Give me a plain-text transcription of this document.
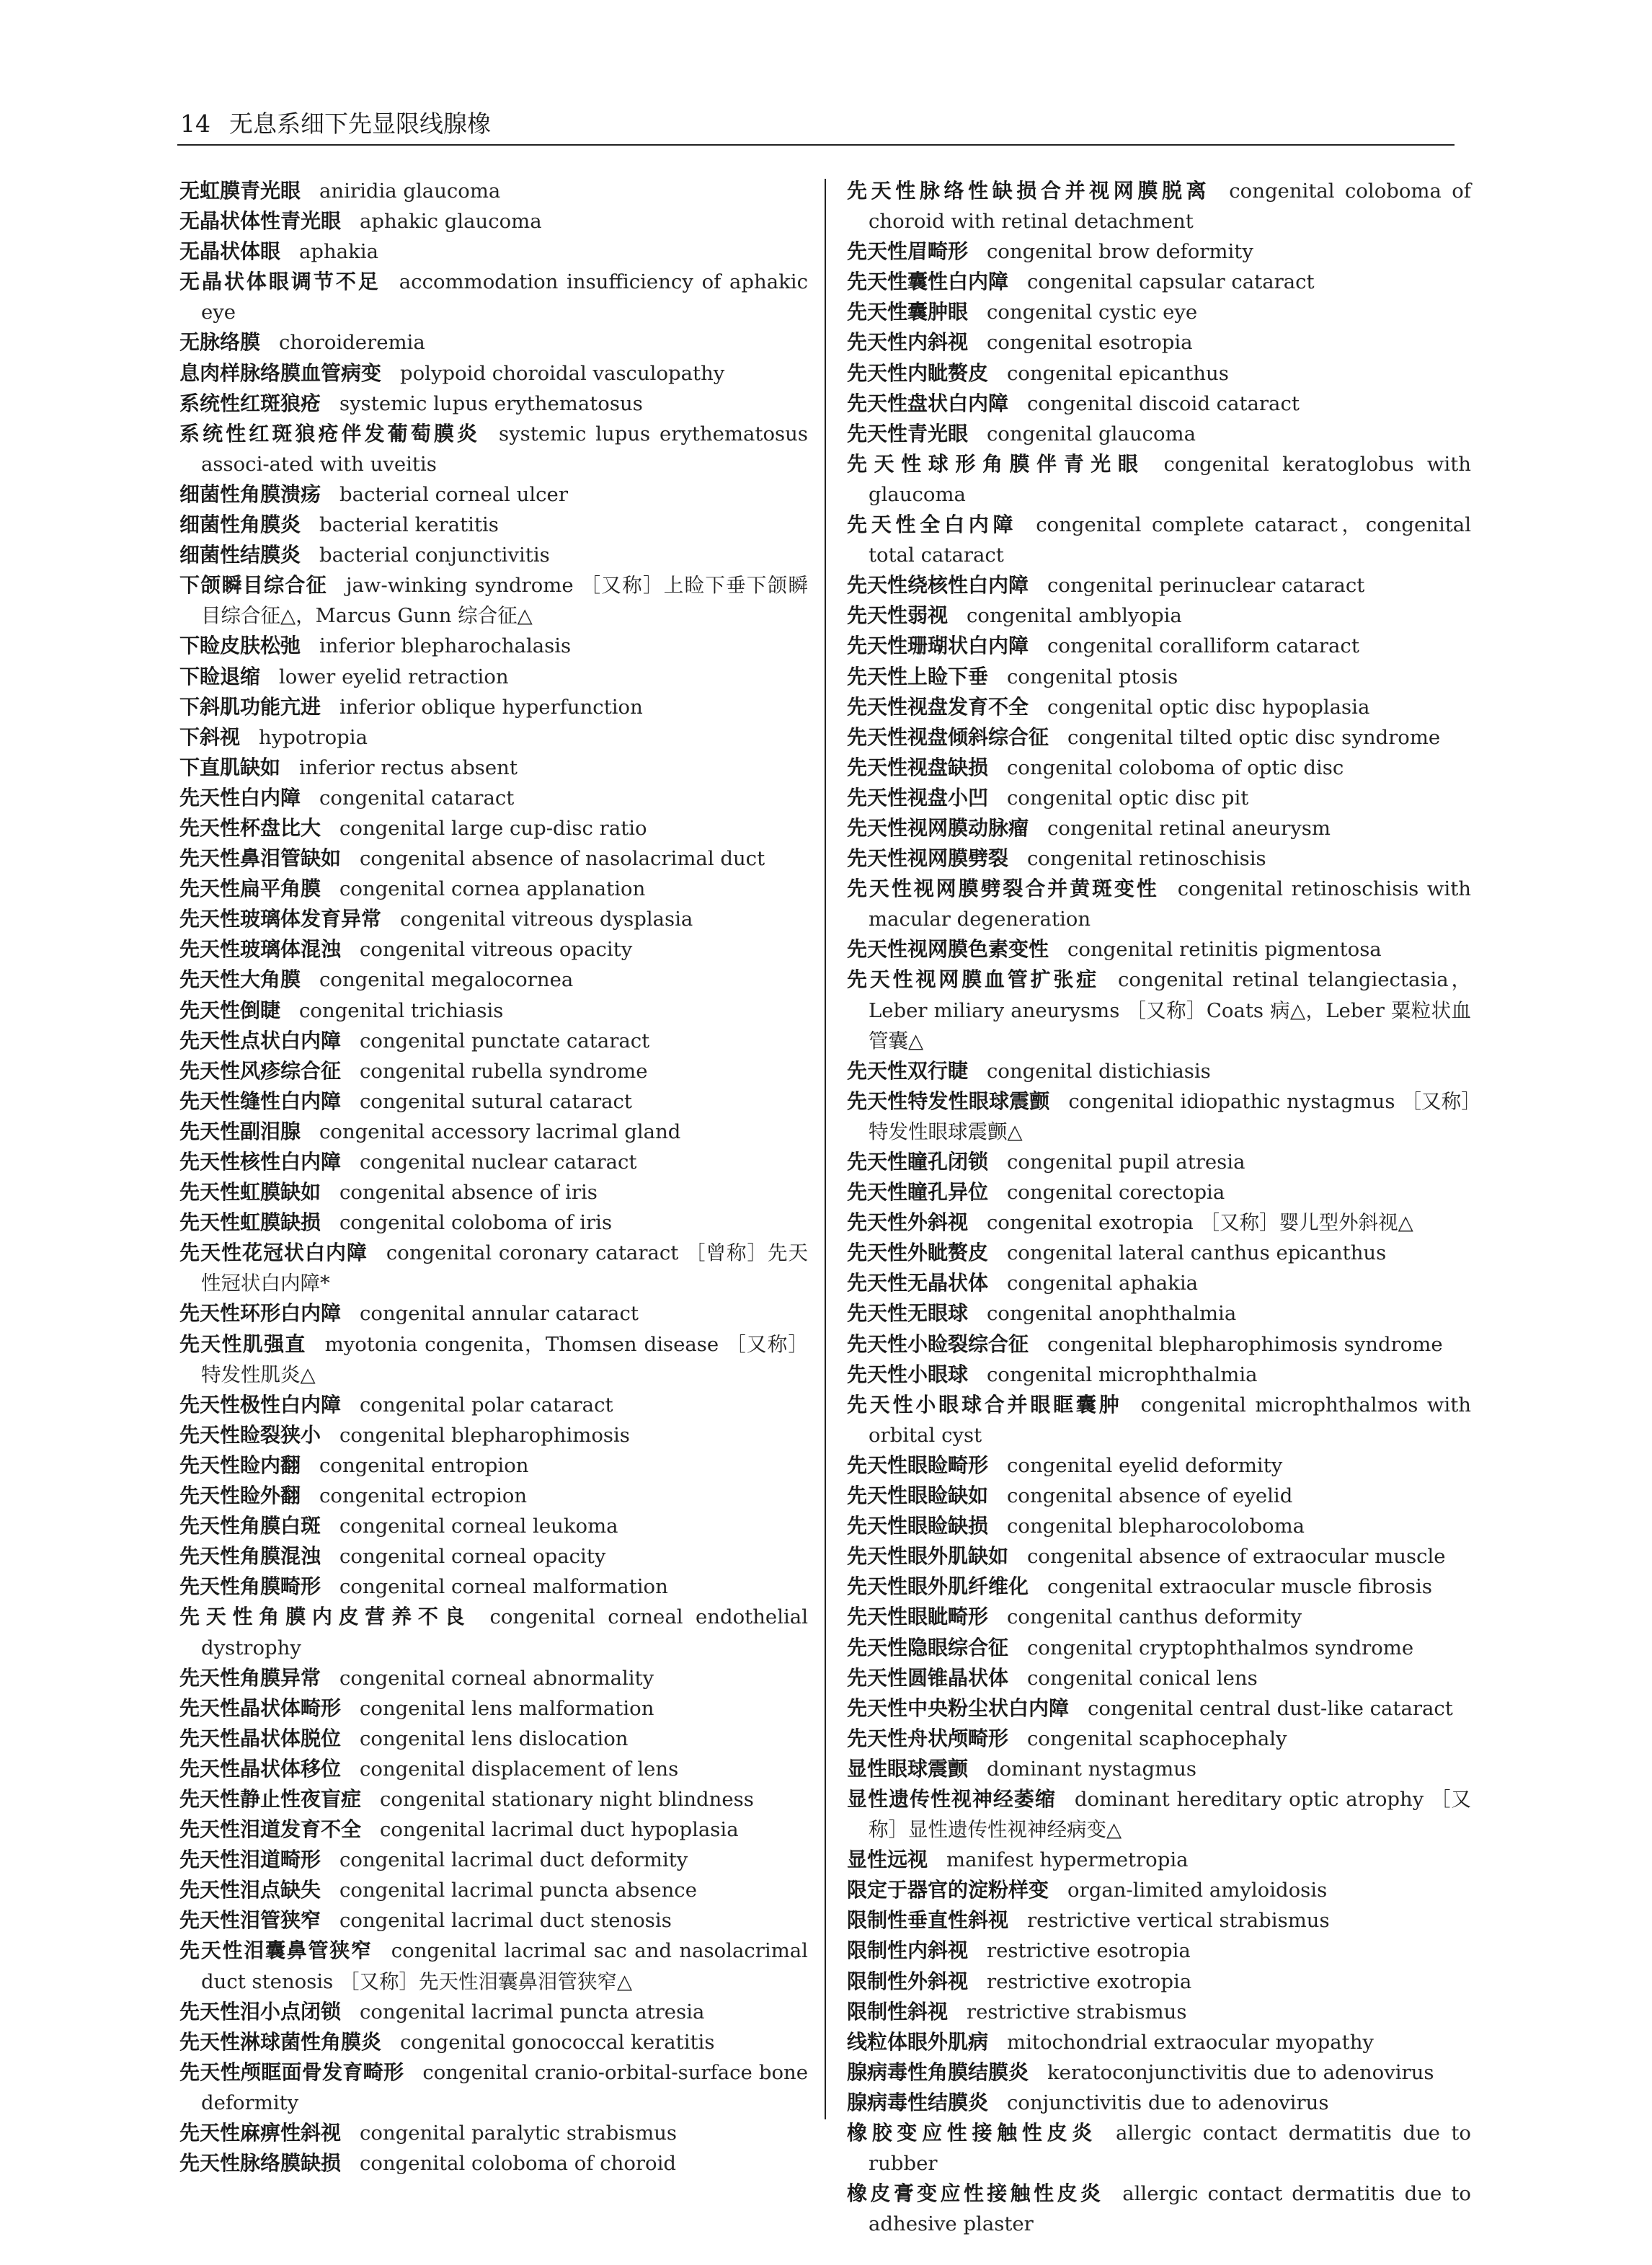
14 无息系细下先显限线腺橡
无虹膜青光眼 aniridia glaucoma
无晶状体性青光眼 aphakic glaucoma
无晶状体眼 aphakia
无晶状体眼调节不足 accommodation insufficiency of aphakic eye
无脉络膜 choroideremia
息肉样脉络膜血管病变 polypoid choroidal vasculopathy
系统性红斑狼疮 systemic lupus erythematosus
系统性红斑狼疮伴发葡萄膜炎 systemic lupus erythematosus associ-ated with uveitis
细菌性角膜溃疡 bacterial corneal ulcer
细菌性角膜炎 bacterial keratitis
细菌性结膜炎 bacterial conjunctivitis
下颌瞬目综合征 jaw-winking syndrome ［又称］上睑下垂下颌瞬目综合征△，Marcus Gunn 综合征△
下睑皮肤松弛 inferior blepharochalasis
下睑退缩 lower eyelid retraction
下斜肌功能亢进 inferior oblique hyperfunction
下斜视 hypotropia
下直肌缺如 inferior rectus absent
先天性白内障 congenital cataract
先天性杯盘比大 congenital large cup-disc ratio
先天性鼻泪管缺如 congenital absence of nasolacrimal duct
先天性扁平角膜 congenital cornea applanation
先天性玻璃体发育异常 congenital vitreous dysplasia
先天性玻璃体混浊 congenital vitreous opacity
先天性大角膜 congenital megalocornea
先天性倒睫 congenital trichiasis
先天性点状白内障 congenital punctate cataract
先天性风疹综合征 congenital rubella syndrome
先天性缝性白内障 congenital sutural cataract
先天性副泪腺 congenital accessory lacrimal gland
先天性核性白内障 congenital nuclear cataract
先天性虹膜缺如 congenital absence of iris
先天性虹膜缺损 congenital coloboma of iris
先天性花冠状白内障 congenital coronary cataract ［曾称］先天性冠状白内障*
先天性环形白内障 congenital annular cataract
先天性肌强直 myotonia congenita，Thomsen disease ［又称］特发性肌炎△
先天性极性白内障 congenital polar cataract
先天性睑裂狭小 congenital blepharophimosis
先天性睑内翻 congenital entropion
先天性睑外翻 congenital ectropion
先天性角膜白斑 congenital corneal leukoma
先天性角膜混浊 congenital corneal opacity
先天性角膜畸形 congenital corneal malformation
先天性角膜内皮营养不良 congenital corneal endothelial dystrophy
先天性角膜异常 congenital corneal abnormality
先天性晶状体畸形 congenital lens malformation
先天性晶状体脱位 congenital lens dislocation
先天性晶状体移位 congenital displacement of lens
先天性静止性夜盲症 congenital stationary night blindness
先天性泪道发育不全 congenital lacrimal duct hypoplasia
先天性泪道畸形 congenital lacrimal duct deformity
先天性泪点缺失 congenital lacrimal puncta absence
先天性泪管狭窄 congenital lacrimal duct stenosis
先天性泪囊鼻管狭窄 congenital lacrimal sac and nasolacrimal duct stenosis ［又称］先天性泪囊鼻泪管狭窄△
先天性泪小点闭锁 congenital lacrimal puncta atresia
先天性淋球菌性角膜炎 congenital gonococcal keratitis
先天性颅眶面骨发育畸形 congenital cranio-orbital-surface bone deformity
先天性麻痹性斜视 congenital paralytic strabismus
先天性脉络膜缺损 congenital coloboma of choroid
先天性脉络性缺损合并视网膜脱离 congenital coloboma of choroid with retinal detachment
先天性眉畸形 congenital brow deformity
先天性囊性白内障 congenital capsular cataract
先天性囊肿眼 congenital cystic eye
先天性内斜视 congenital esotropia
先天性内眦赘皮 congenital epicanthus
先天性盘状白内障 congenital discoid cataract
先天性青光眼 congenital glaucoma
先天性球形角膜伴青光眼 congenital keratoglobus with glaucoma
先天性全白内障 congenital complete cataract，congenital total cataract
先天性绕核性白内障 congenital perinuclear cataract
先天性弱视 congenital amblyopia
先天性珊瑚状白内障 congenital coralliform cataract
先天性上睑下垂 congenital ptosis
先天性视盘发育不全 congenital optic disc hypoplasia
先天性视盘倾斜综合征 congenital tilted optic disc syndrome
先天性视盘缺损 congenital coloboma of optic disc
先天性视盘小凹 congenital optic disc pit
先天性视网膜动脉瘤 congenital retinal aneurysm
先天性视网膜劈裂 congenital retinoschisis
先天性视网膜劈裂合并黄斑变性 congenital retinoschisis with macular degeneration
先天性视网膜色素变性 congenital retinitis pigmentosa
先天性视网膜血管扩张症 congenital retinal telangiectasia，Leber miliary aneurysms ［又称］Coats 病△，Leber 粟粒状血管囊△
先天性双行睫 congenital distichiasis
先天性特发性眼球震颤 congenital idiopathic nystagmus ［又称］特发性眼球震颤△
先天性瞳孔闭锁 congenital pupil atresia
先天性瞳孔异位 congenital corectopia
先天性外斜视 congenital exotropia ［又称］婴儿型外斜视△
先天性外眦赘皮 congenital lateral canthus epicanthus
先天性无晶状体 congenital aphakia
先天性无眼球 congenital anophthalmia
先天性小睑裂综合征 congenital blepharophimosis syndrome
先天性小眼球 congenital microphthalmia
先天性小眼球合并眼眶囊肿 congenital microphthalmos with orbital cyst
先天性眼睑畸形 congenital eyelid deformity
先天性眼睑缺如 congenital absence of eyelid
先天性眼睑缺损 congenital blepharocoloboma
先天性眼外肌缺如 congenital absence of extraocular muscle
先天性眼外肌纤维化 congenital extraocular muscle fibrosis
先天性眼眦畸形 congenital canthus deformity
先天性隐眼综合征 congenital cryptophthalmos syndrome
先天性圆锥晶状体 congenital conical lens
先天性中央粉尘状白内障 congenital central dust-like cataract
先天性舟状颅畸形 congenital scaphocephaly
显性眼球震颤 dominant nystagmus
显性遗传性视神经萎缩 dominant hereditary optic atrophy ［又称］显性遗传性视神经病变△
显性远视 manifest hypermetropia
限定于器官的淀粉样变 organ-limited amyloidosis
限制性垂直性斜视 restrictive vertical strabismus
限制性内斜视 restrictive esotropia
限制性外斜视 restrictive exotropia
限制性斜视 restrictive strabismus
线粒体眼外肌病 mitochondrial extraocular myopathy
腺病毒性角膜结膜炎 keratoconjunctivitis due to adenovirus
腺病毒性结膜炎 conjunctivitis due to adenovirus
橡胶变应性接触性皮炎 allergic contact dermatitis due to rubber
橡皮膏变应性接触性皮炎 allergic contact dermatitis due to adhesive plaster
